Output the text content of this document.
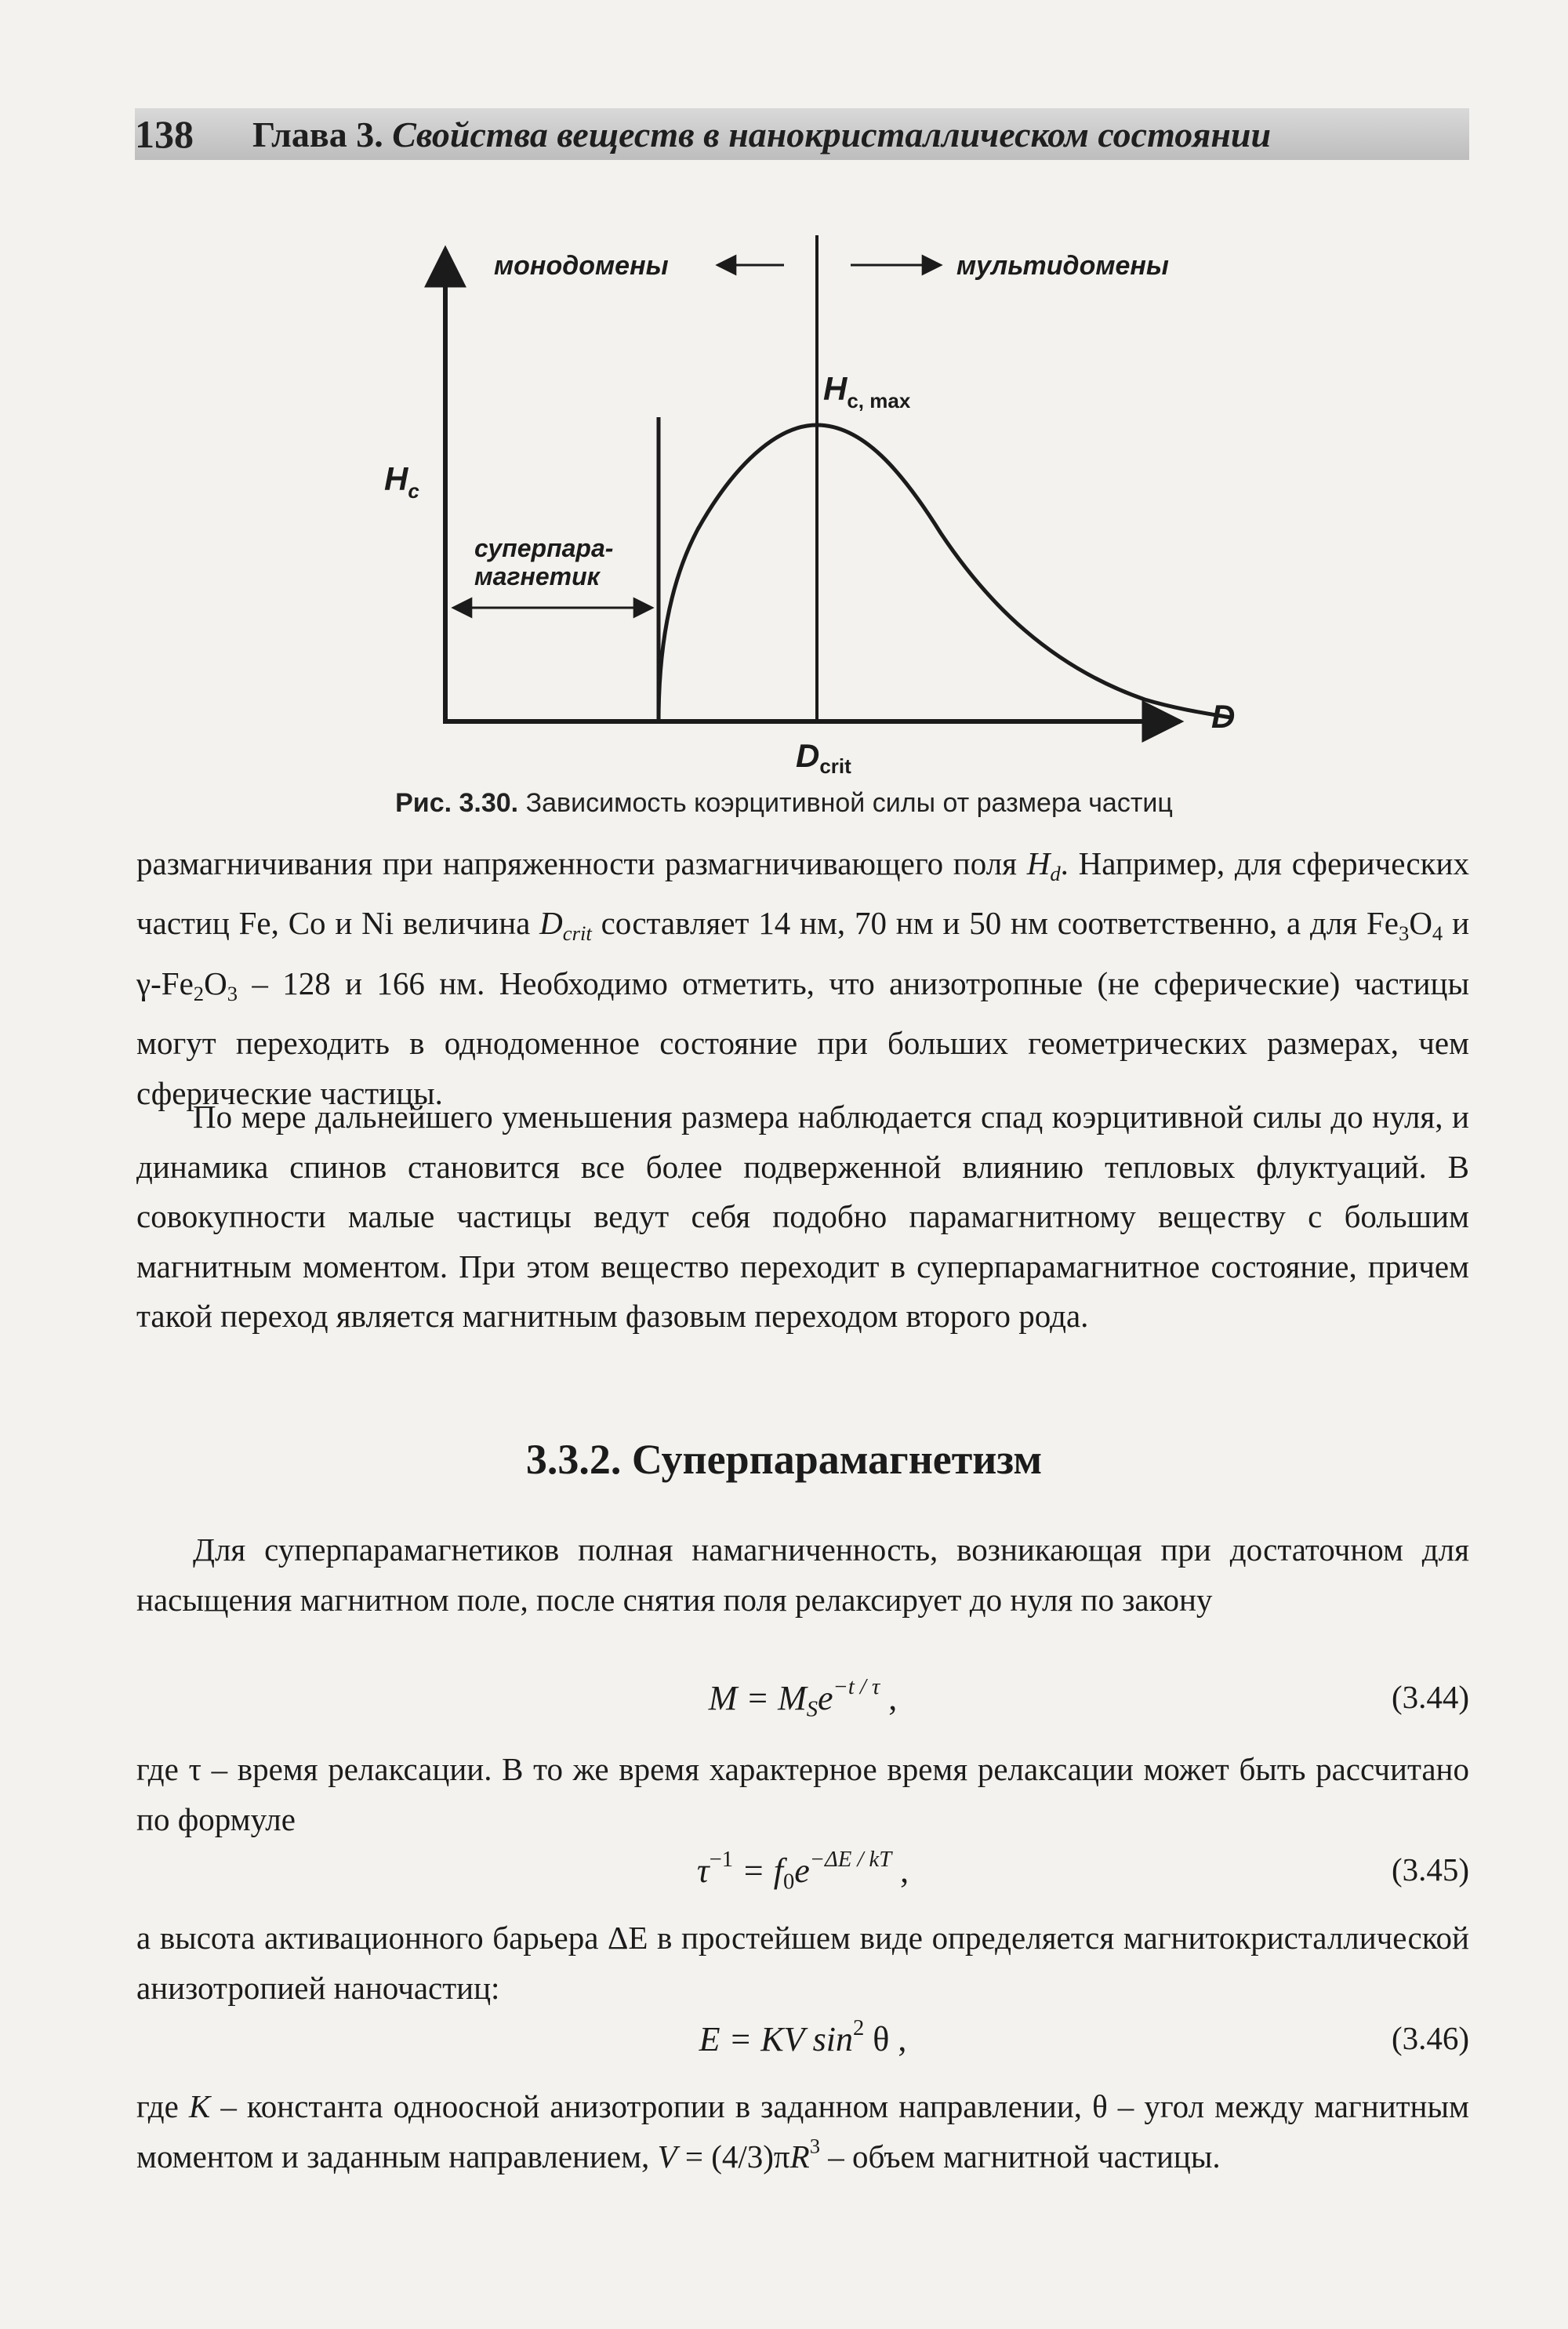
138	Глава 3. Свойства веществ в нанокристаллическом состоянии
монодомены	мультидомены
$H_c$
$H_{c, max}$
суперпара-
магнетик
D
Dcrit
Рис. 3.30. Зависимость коэрцитивной силы от размера частиц

размагничивания при напряженности размагничивающего поля $H_d$. Например, для сферических частиц Fe, Co и Ni величина $D_{crit}$ составляет 14 нм, 70 нм и 50 нм соответственно, а для $Fe_3O_4$ и $\gamma-Fe_2O_3 - 128$ и 166 нм. Необходимо отметить, что анизотропные (не сферические) частицы могут переходить в однодоменное состояние при больших геометрических размерах, чем сферические частицы.

По мере дальнейшего уменьшения размера наблюдается спад коэрцитивной силы до нуля, и динамика спинов становится все более подверженной влиянию тепловых флуктуаций. В совокупности малые частицы ведут себя подобно парамагнитному веществу с большим магнитным моментом. При этом вещество переходит в суперпарамагнитное состояние, причем такой переход является магнитным фазовым переходом второго рода.

3.3.2. Суперпарамагнетизм

Для суперпарамагнетиков полная намагниченность, возникающая при достаточном для насыщения магнитном поле, после снятия поля релаксирует до нуля по закону

$M = M_Se^{-t / \tau}$ ,	(3.44)

где τ – время релаксации. В то же время характерное время релаксации может быть рассчитано по формуле

$\tau^{-1} = f_0e^{-\Delta E / kT}$ ,	(3.45)

а высота активационного барьера ΔE в простейшем виде определяется магнитокристаллической анизотропией наночастиц:

E = KV $\sin^2 \theta$ ,	(3.46)

где K – константа одноосной анизотропии в заданном направлении, θ – угол между магнитным моментом и заданным направлением, $V = (4/3)\pi R^3$ – объем магнитной частицы.
